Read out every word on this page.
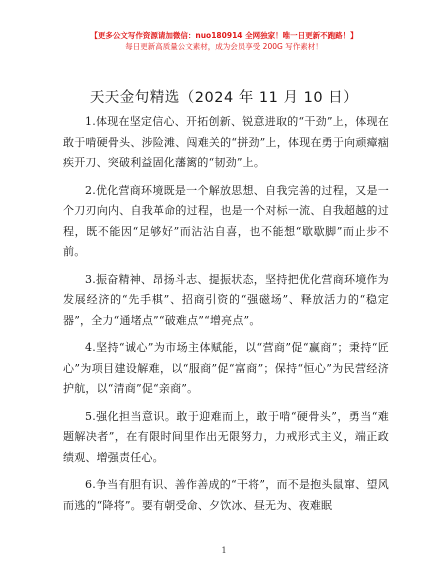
【更多公文写作资源请加微信：nuo180914 全网独家！唯一日更新不跑路！】
每日更新高质量公文素材，成为会员享受 200G 写作素材！
天天金句精选（2024 年 11 月 10 日）

1.体现在坚定信心、开拓创新、锐意进取的“干劲”上，体现在敢于啃硬骨头、涉险滩、闯难关的“拼劲”上，体现在勇于向顽瘴痼疾开刀、突破利益固化藩篱的“韧劲”上。

2.优化营商环境既是一个解放思想、自我完善的过程，又是一个刀刃向内、自我革命的过程，也是一个对标一流、自我超越的过程，既不能因“足够好”而沾沾自喜，也不能想“歇歇脚”而止步不前。

3.振奋精神、昂扬斗志、提振状态，坚持把优化营商环境作为发展经济的“先手棋”、招商引资的“强磁场”、释放活力的“稳定器”，全力“通堵点”“破难点”“增亮点”。

4.坚持“诚心”为市场主体赋能，以“营商”促“赢商”；秉持“匠心”为项目建设解难，以“服商”促“富商”；保持“恒心”为民营经济护航，以“清商”促“亲商”。

5.强化担当意识。敢于迎难而上，敢于啃“硬骨头”，勇当“难题解决者”，在有限时间里作出无限努力，力戒形式主义，端正政绩观、增强责任心。

6.争当有胆有识、善作善成的“干将”，而不是抱头鼠窜、望风而逃的“降将”。要有朝受命、夕饮冰、昼无为、夜难眠

1
